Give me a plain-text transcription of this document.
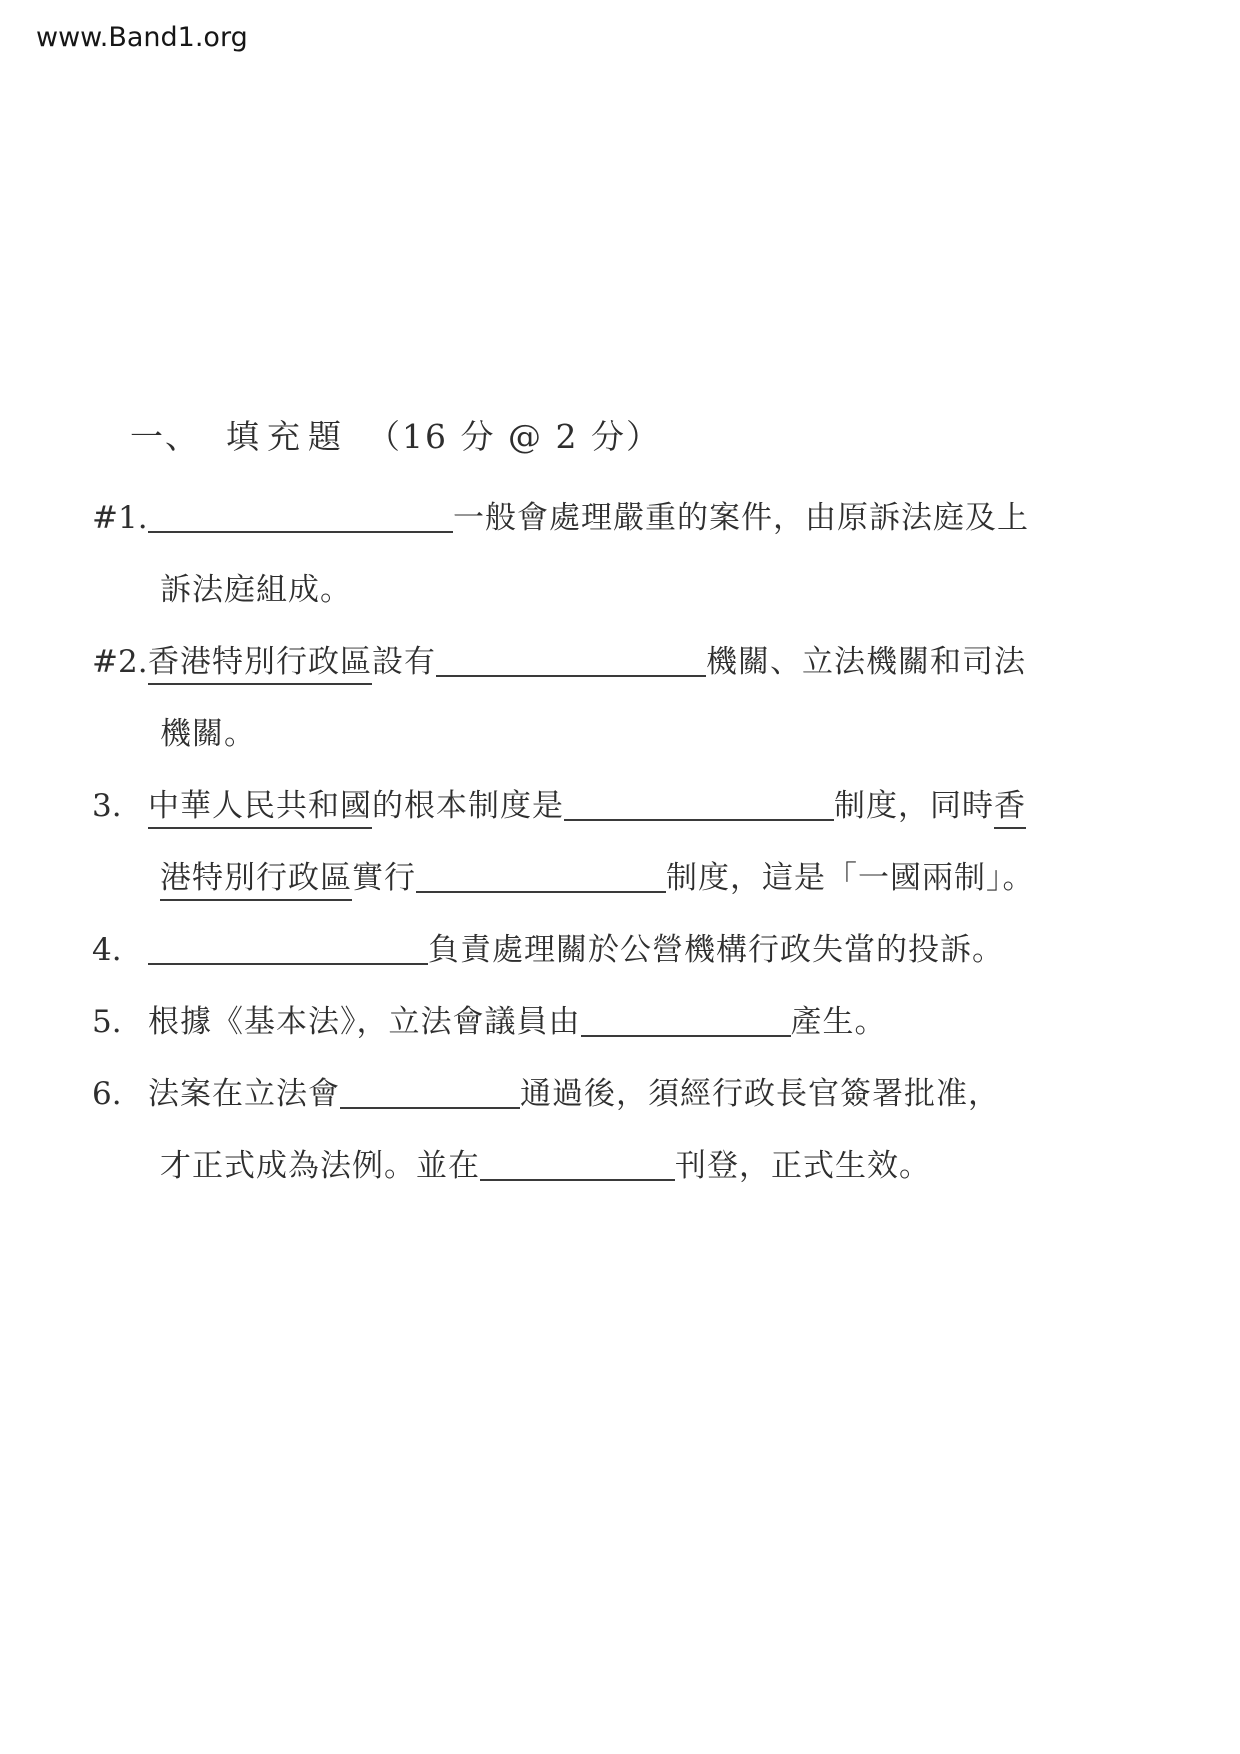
www.Band1.org
一、 填充題 （16 分 @ 2 分）
#1.	一般會處理嚴重的案件，由原訴法庭及上
訴法庭組成。
#2. 香港特別行政區設有	機關、立法機關和司法
機關。
3. 中華人民共和國的根本制度是	制度，同時香
港特別行政區實行	制度，這是「一國兩制」。
4.	負責處理關於公營機構行政失當的投訴。
5. 根據《基本法》，立法會議員由	產生。
6. 法案在立法會	通過後，須經行政長官簽署批准，
才正式成為法例。並在	刊登，正式生效。
